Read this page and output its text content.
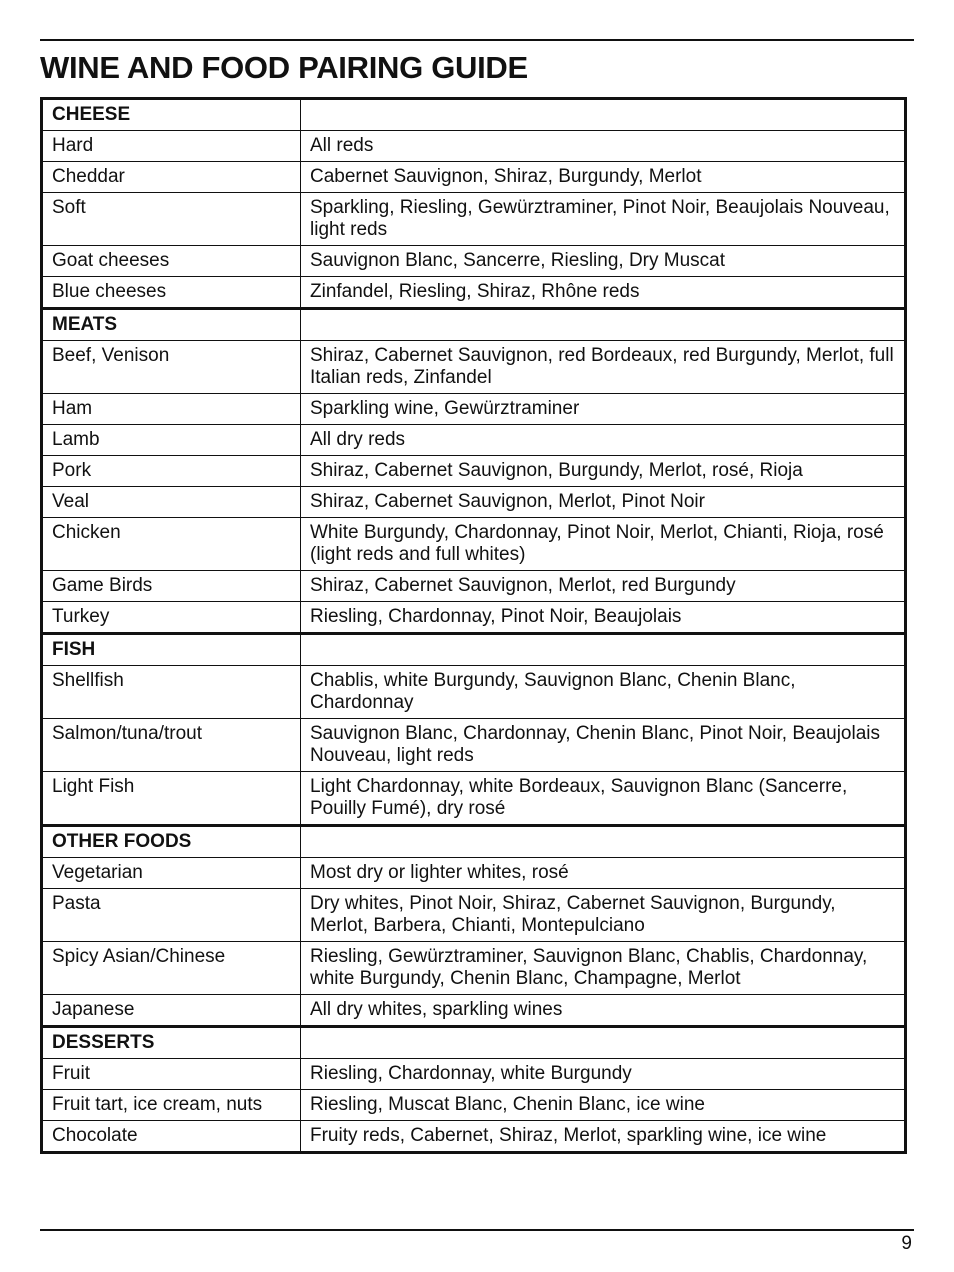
WINE AND FOOD PAIRING GUIDE
CHEESE	
Hard	All reds
Cheddar	Cabernet Sauvignon, Shiraz, Burgundy, Merlot
Soft	Sparkling, Riesling, Gewürztraminer, Pinot Noir, Beaujolais Nouveau, light reds
Goat cheeses	Sauvignon Blanc, Sancerre, Riesling, Dry Muscat
Blue cheeses	Zinfandel, Riesling, Shiraz, Rhône reds
MEATS	
Beef, Venison	Shiraz, Cabernet Sauvignon, red Bordeaux, red Burgundy, Merlot, full Italian reds, Zinfandel
Ham	Sparkling wine, Gewürztraminer
Lamb	All dry reds
Pork	Shiraz, Cabernet Sauvignon, Burgundy, Merlot, rosé, Rioja
Veal	Shiraz, Cabernet Sauvignon, Merlot, Pinot Noir
Chicken	White Burgundy, Chardonnay, Pinot Noir, Merlot, Chianti, Rioja, rosé (light reds and full whites)
Game Birds	Shiraz, Cabernet Sauvignon, Merlot, red Burgundy
Turkey	Riesling, Chardonnay, Pinot Noir, Beaujolais
FISH	
Shellfish	Chablis, white Burgundy, Sauvignon Blanc, Chenin Blanc, Chardonnay
Salmon/tuna/trout	Sauvignon Blanc, Chardonnay, Chenin Blanc, Pinot Noir, Beaujolais Nouveau, light reds
Light Fish	Light Chardonnay, white Bordeaux, Sauvignon Blanc (Sancerre, Pouilly Fumé), dry rosé
OTHER FOODS	
Vegetarian	Most dry or lighter whites, rosé
Pasta	Dry whites, Pinot Noir, Shiraz, Cabernet Sauvignon, Burgundy, Merlot, Barbera, Chianti, Montepulciano
Spicy Asian/Chinese	Riesling, Gewürztraminer, Sauvignon Blanc, Chablis, Chardonnay, white Burgundy, Chenin Blanc, Champagne, Merlot
Japanese	All dry whites, sparkling wines
DESSERTS	
Fruit	Riesling, Chardonnay, white Burgundy
Fruit tart, ice cream, nuts	Riesling, Muscat Blanc, Chenin Blanc, ice wine
Chocolate	Fruity reds, Cabernet, Shiraz, Merlot, sparkling wine, ice wine
9
